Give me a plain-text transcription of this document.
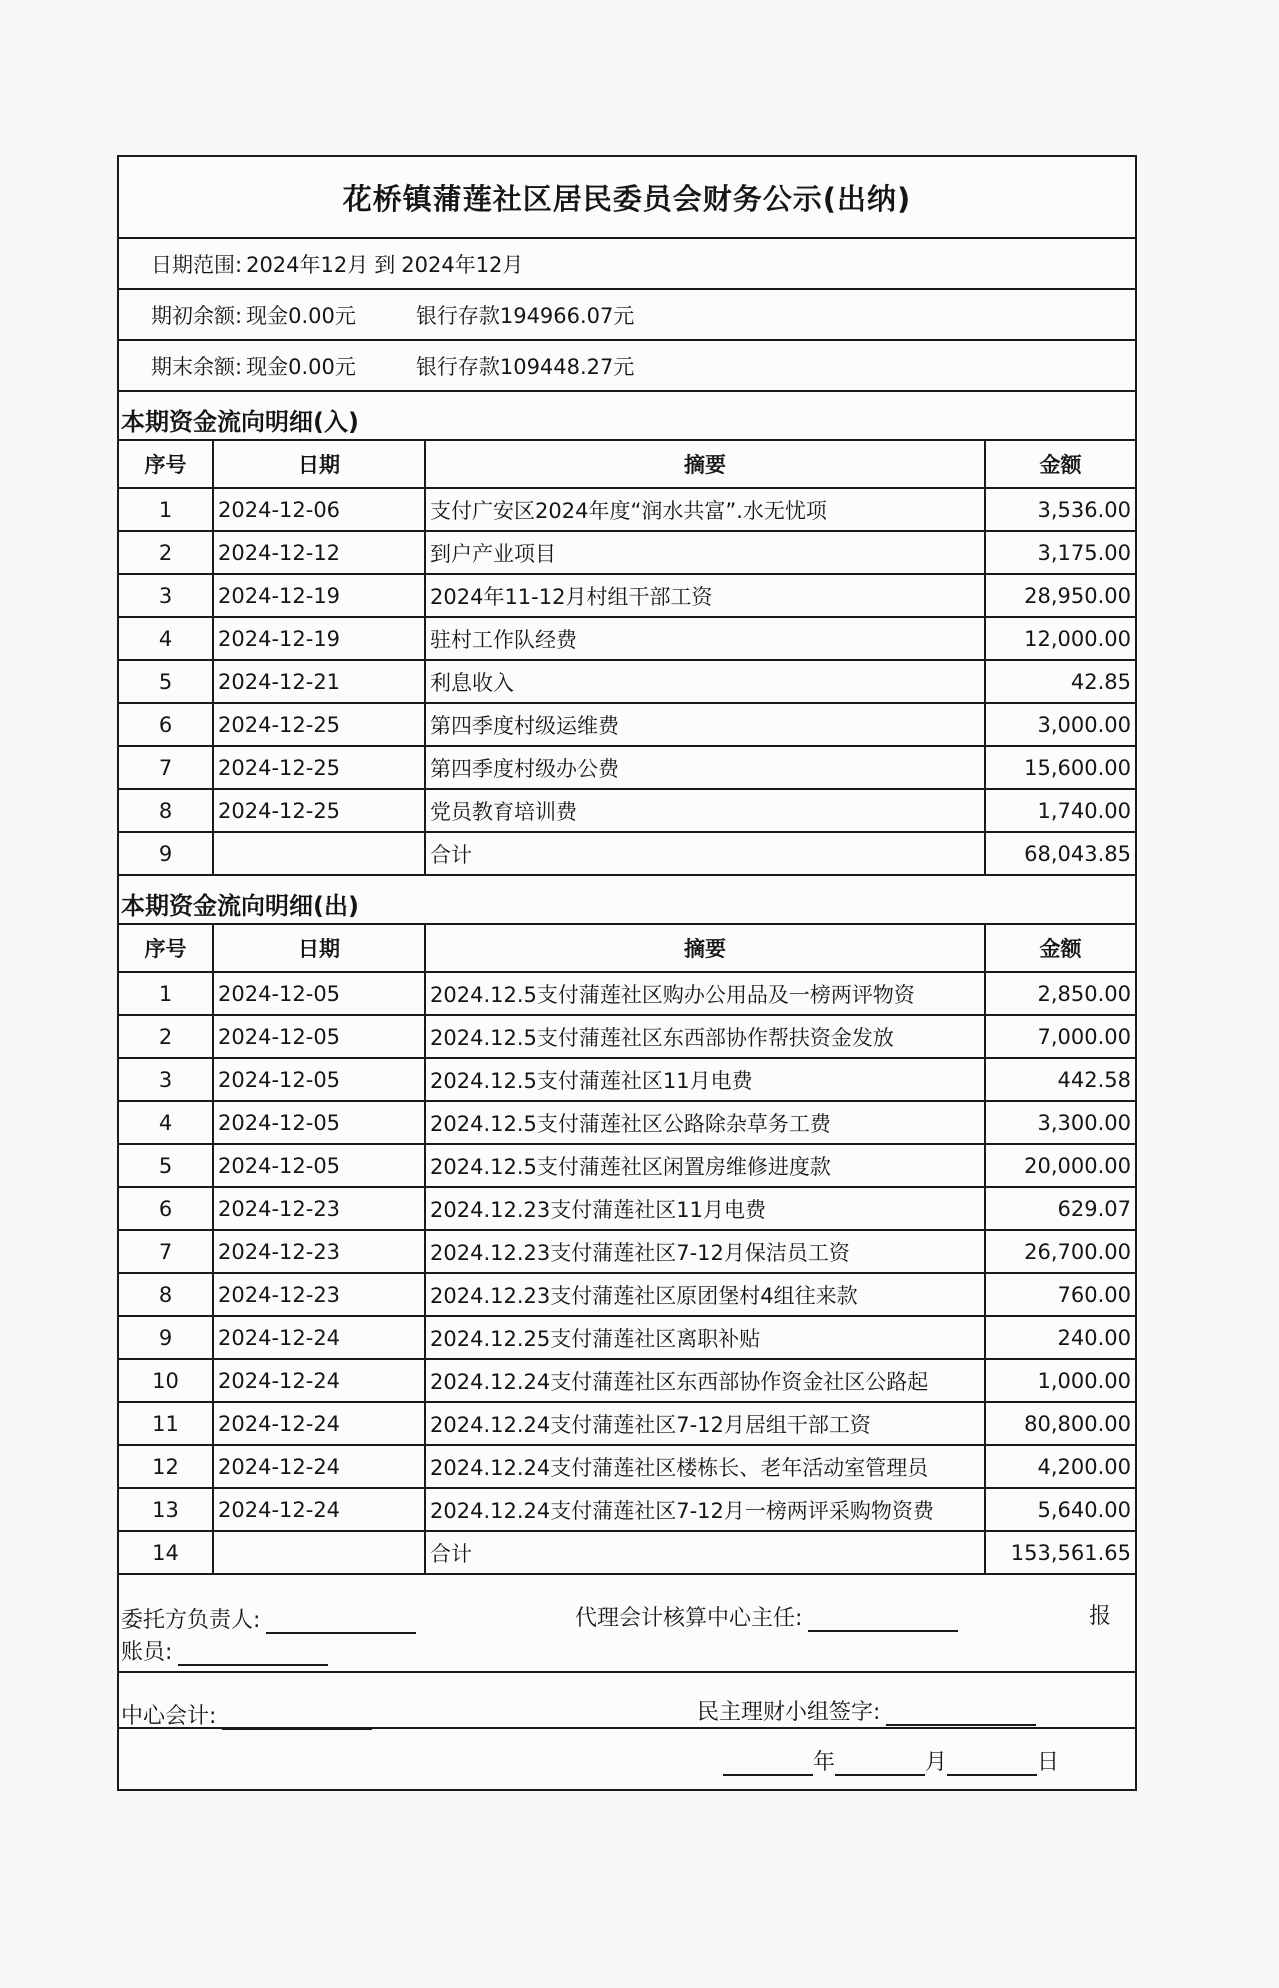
花桥镇蒲莲社区居民委员会财务公示(出纳)
日期范围: 2024年12月 到 2024年12月
期初余额: 现金0.00元	银行存款194966.07元
期末余额: 现金0.00元	银行存款109448.27元
本期资金流向明细(入)
序号	日期	摘要	金额
1	2024-12-06	支付广安区2024年度“润水共富”.水无忧项	3,536.00
2	2024-12-12	到户产业项目	3,175.00
3	2024-12-19	2024年11-12月村组干部工资	28,950.00
4	2024-12-19	驻村工作队经费	12,000.00
5	2024-12-21	利息收入	42.85
6	2024-12-25	第四季度村级运维费	3,000.00
7	2024-12-25	第四季度村级办公费	15,600.00
8	2024-12-25	党员教育培训费	1,740.00
9		合计	68,043.85
本期资金流向明细(出)
序号	日期	摘要	金额
1	2024-12-05	2024.12.5支付蒲莲社区购办公用品及一榜两评物资	2,850.00
2	2024-12-05	2024.12.5支付蒲莲社区东西部协作帮扶资金发放	7,000.00
3	2024-12-05	2024.12.5支付蒲莲社区11月电费	442.58
4	2024-12-05	2024.12.5支付蒲莲社区公路除杂草务工费	3,300.00
5	2024-12-05	2024.12.5支付蒲莲社区闲置房维修进度款	20,000.00
6	2024-12-23	2024.12.23支付蒲莲社区11月电费	629.07
7	2024-12-23	2024.12.23支付蒲莲社区7-12月保洁员工资	26,700.00
8	2024-12-23	2024.12.23支付蒲莲社区原团堡村4组往来款	760.00
9	2024-12-24	2024.12.25支付蒲莲社区离职补贴	240.00
10	2024-12-24	2024.12.24支付蒲莲社区东西部协作资金社区公路起	1,000.00
11	2024-12-24	2024.12.24支付蒲莲社区7-12月居组干部工资	80,800.00
12	2024-12-24	2024.12.24支付蒲莲社区楼栋长、老年活动室管理员	4,200.00
13	2024-12-24	2024.12.24支付蒲莲社区7-12月一榜两评采购物资费	5,640.00
14		合计	153,561.65
委托方负责人:	代理会计核算中心主任:	报
账员:
中心会计:	民主理财小组签字:
年	月	日
